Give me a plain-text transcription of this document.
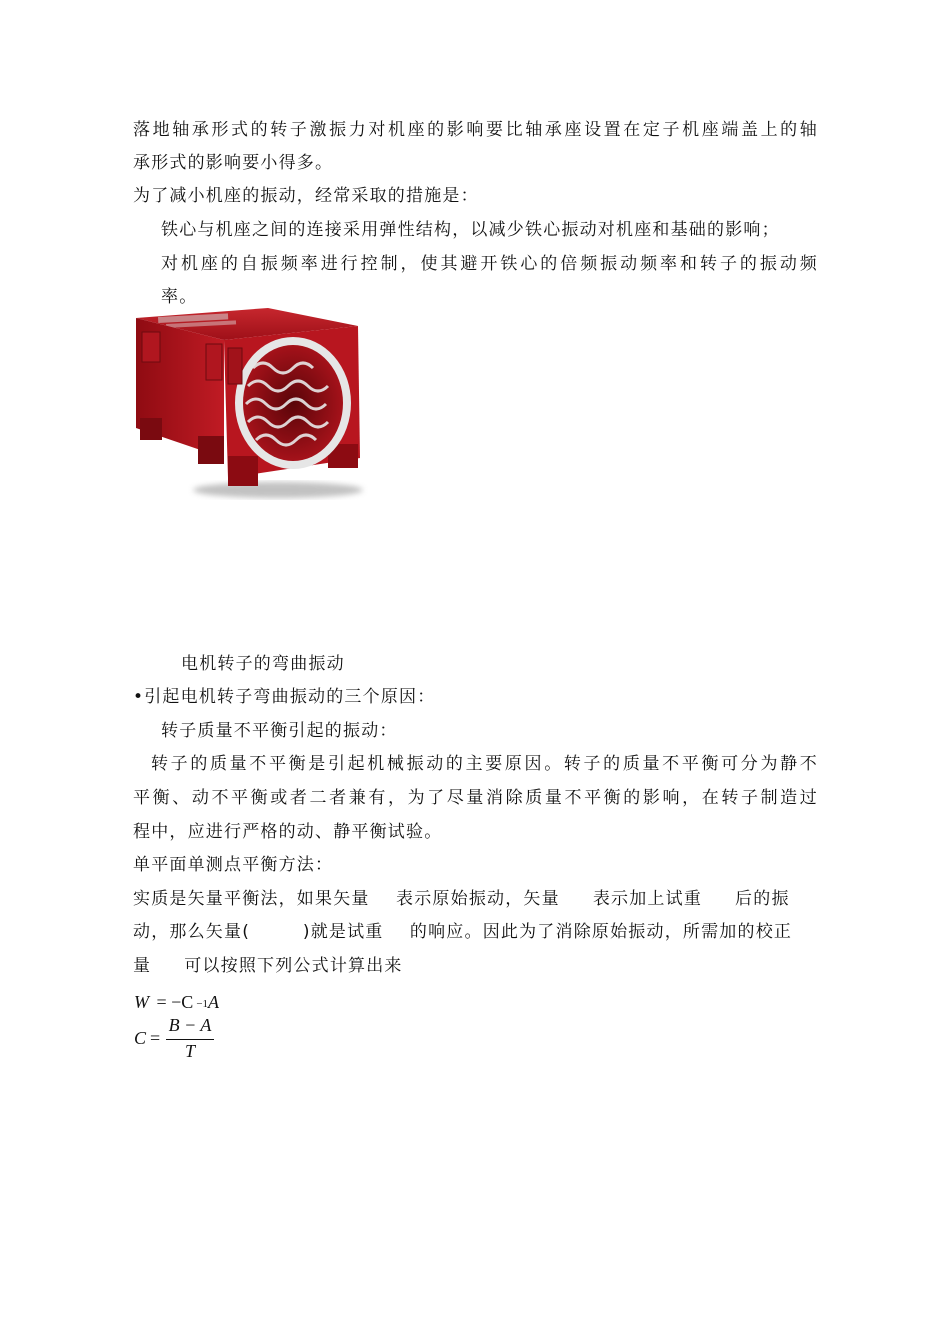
落地轴承形式的转子激振力对机座的影响要比轴承座设置在定子机座端盖上的轴
承形式的影响要小得多。
为了减小机座的振动，经常采取的措施是：
铁心与机座之间的连接采用弹性结构，以减少铁心振动对机座和基础的影响；
对机座的自振频率进行控制，使其避开铁心的倍频振动频率和转子的振动频
率。
电机转子的弯曲振动
•引起电机转子弯曲振动的三个原因：
转子质量不平衡引起的振动：
转子的质量不平衡是引起机械振动的主要原因。转子的质量不平衡可分为静不
平衡、动不平衡或者二者兼有，为了尽量消除质量不平衡的影响，在转子制造过
程中，应进行严格的动、静平衡试验。
单平面单测点平衡方法：
实质是矢量平衡法，如果矢量    表示原始振动，矢量     表示加上试重     后的振
动，那么矢量(        )就是试重    的响应。因此为了消除原始振动，所需加的校正
量     可以按照下列公式计算出来
W = −C −1A
C =
B − A
T
